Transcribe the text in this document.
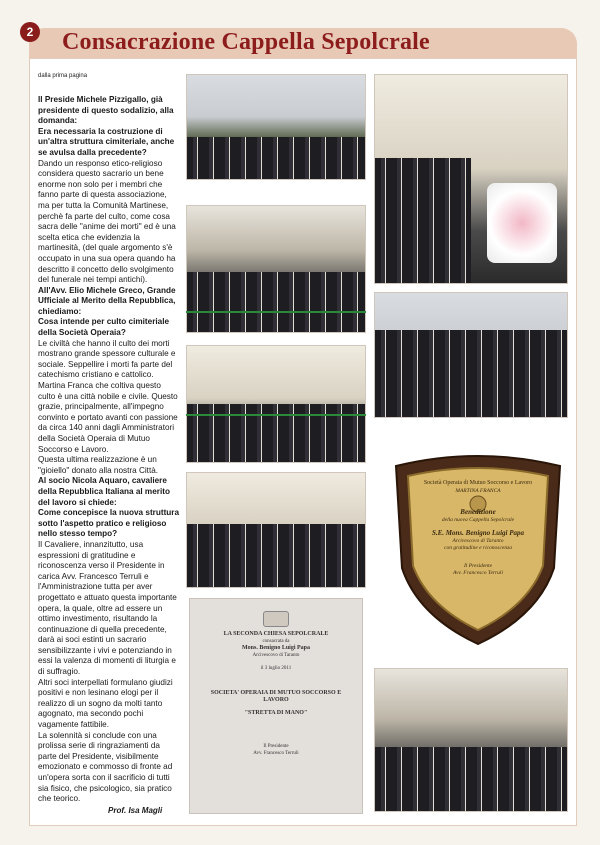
2 Consacrazione Cappella Sepolcrale
dalla prima pagina

Il Preside Michele Pizzigallo, già presidente di questo sodalizio, alla domanda:

Era necessaria la costruzione di un'altra struttura cimiteriale, anche se avulsa dalla precedente?

Dando un responso etico-religioso considera questo sacrario un bene enorme non solo per i membri che fanno parte di questa associazione, ma per tutta la Comunità Martinese, perchè fa parte del culto, come cosa sacra delle "anime dei morti" ed è una scelta etica che evidenzia la martinesità, (del quale argomento s'è occupato in una sua opera quando ha descritto il concetto dello svolgimento del funerale nei tempi antichi).

All'Avv. Elio Michele Greco, Grande Ufficiale al Merito della Repubblica, chiediamo:

Cosa intende per culto cimiteriale della Società Operaia?

Le civiltà che hanno il culto dei morti mostrano grande spessore culturale e sociale. Seppellire i morti fa parte del catechismo cristiano e cattolico. Martina Franca che coltiva questo culto è una città nobile e civile. Questo grazie, principalmente, all'impegno convinto e portato avanti con passione da circa 140 anni dagli Amministratori della Società Operaia di Mutuo Soccorso e Lavoro.

Questa ultima realizzazione è un "gioiello" donato alla nostra Città.

Al socio Nicola Aquaro, cavaliere della Repubblica Italiana al merito del lavoro si chiede:

Come concepisce la nuova struttura sotto l'aspetto pratico e religioso nello stesso tempo?

Il Cavaliere, innanzitutto, usa espressioni di gratitudine e riconoscenza verso il Presidente in carica Avv. Francesco Terruli e l'Amministrazione tutta per aver progettato e attuato questa importante opera, la quale, oltre ad essere un ottimo investimento, risultando la continuazione di quella precedente, darà ai soci estinti un sacrario sensibilizzante i vivi e potenziando in essi la valenza di momenti di liturgia e di suffragio.

Altri soci interpellati formulano giudizi positivi e non lesinano elogi per il realizzo di un sogno da molti tanto agognato, ma secondo pochi vagamente fattibile.

La solennità si conclude con una prolissa serie di ringraziamenti da parte del Presidente, visibilmente emozionato e commosso di fronte ad un'opera sorta con il sacrificio di tutti sia fisico, che psicologico, sia pratico che teorico.

Prof. Isa Magli
LA SECONDA CHIESA SEPOLCRALE
consacrata da
Mons. Benigno Luigi Papa
Arcivescovo di Taranto
il 3 luglio 2011
SOCIETA' OPERAIA DI MUTUO SOCCORSO E LAVORO
"STRETTA DI MANO"
Il Presidente
Avv. Francesco Terruli
Società Operaia di Mutuo Soccorso e Lavoro
MARTINA FRANCA
Benedizione
della nuova Cappella Sepolcrale
S.E. Mons. Benigno Luigi Papa
Arcivescovo di Taranto
con gratitudine e riconoscenza
Il Presidente
Avv. Francesco Terruli
